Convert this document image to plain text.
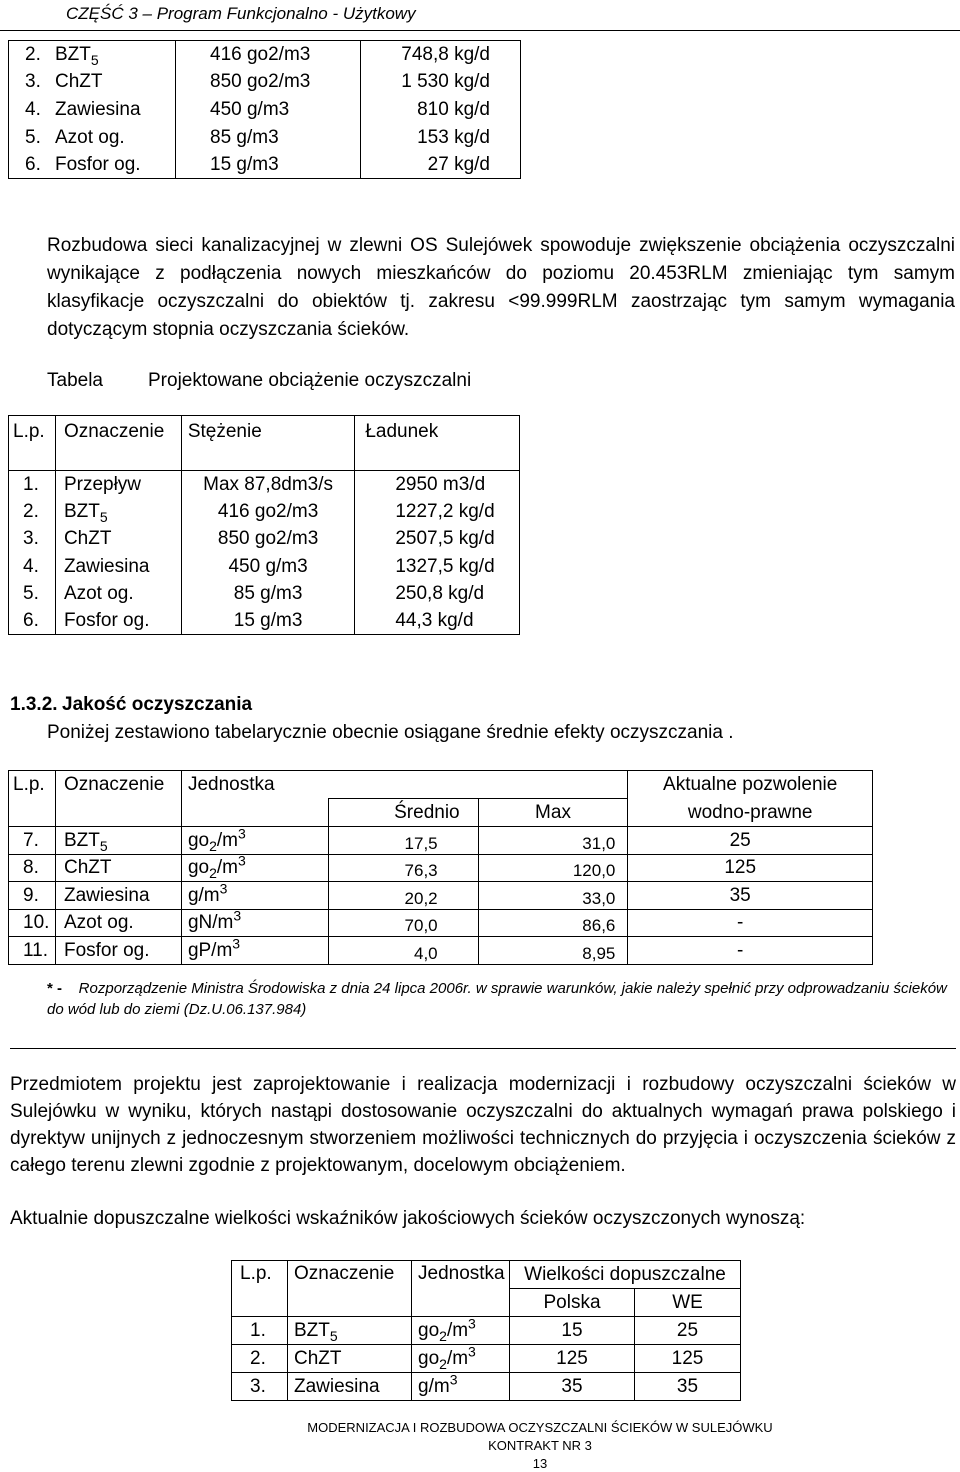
CZĘŚĆ 3 – Program Funkcjonalno - Użytkowy
2. $BZT_5$	416 go2/m3	748,8 kg/d
3. ChZT	850 go2/m3	1 530 kg/d
4. Zawiesina	450 g/m3	810 kg/d
5. Azot og.	85 g/m3	153 kg/d
6. Fosfor og.	15 g/m3	27 kg/d
Rozbudowa sieci kanalizacyjnej w zlewni OS Sulejówek spowoduje zwiększenie obciążenia oczyszczalni wynikające z podłączenia nowych mieszkańców do poziomu 20.453RLM zmieniając tym samym klasyfikacje oczyszczalni do obiektów tj. zakresu <99.999RLM zaostrzając tym samym wymagania dotyczącym stopnia oczyszczania ścieków.
Tabela Projektowane obciążenie oczyszczalni
L.p.	Oznaczenie	Stężenie	Ładunek
1.	Przepływ	Max 87,8dm3/s	2950 m3/d
2.	$BZT_5$	416 go2/m3	1227,2 kg/d
3.	ChZT	850 go2/m3	2507,5 kg/d
4.	Zawiesina	450 g/m3	1327,5 kg/d
5.	Azot og.	85 g/m3	250,8 kg/d
6.	Fosfor og.	15 g/m3	44,3 kg/d
1.3.2. Jakość oczyszczania
Poniżej zestawiono tabelarycznie obecnie osiągane średnie efekty oczyszczania .
L.p.	Oznaczenie	Jednostka			Aktualne pozwolenie
			Średnio	Max	wodno-prawne
7.	$BZT_5$	$go_2/m^3$	17,5	31,0	25
8.	ChZT	$go_2/m^3$	76,3	120,0	125
9.	Zawiesina	$g/m^3$	20,2	33,0	35
10.	Azot og.	$gN/m^3$	70,0	86,6	-
11.	Fosfor og.	$gP/m^3$	4,0	8,95	-
* - Rozporządzenie Ministra Środowiska z dnia 24 lipca 2006r. w sprawie warunków, jakie należy spełnić przy odprowadzaniu ścieków do wód lub do ziemi (Dz.U.06.137.984)
Przedmiotem projektu jest zaprojektowanie i realizacja modernizacji i rozbudowy oczyszczalni ścieków w Sulejówku w wyniku, których nastąpi dostosowanie oczyszczalni do aktualnych wymagań prawa polskiego i dyrektyw unijnych z jednoczesnym stworzeniem możliwości technicznych do przyjęcia i oczyszczenia ścieków z całego terenu zlewni zgodnie z projektowanym, docelowym obciążeniem.
Aktualnie dopuszczalne wielkości wskaźników jakościowych ścieków oczyszczonych wynoszą:
L.p.	Oznaczenie	Jednostka	Wielkości dopuszczalne	
			Polska	WE
1.	$BZT_5$	$go_2/m^3$	15	25
2.	ChZT	$go_2/m^3$	125	125
3.	Zawiesina	$g/m^3$	35	35
MODERNIZACJA I ROZBUDOWA OCZYSZCZALNI ŚCIEKÓW W SULEJÓWKU
KONTRAKT NR 3
13
